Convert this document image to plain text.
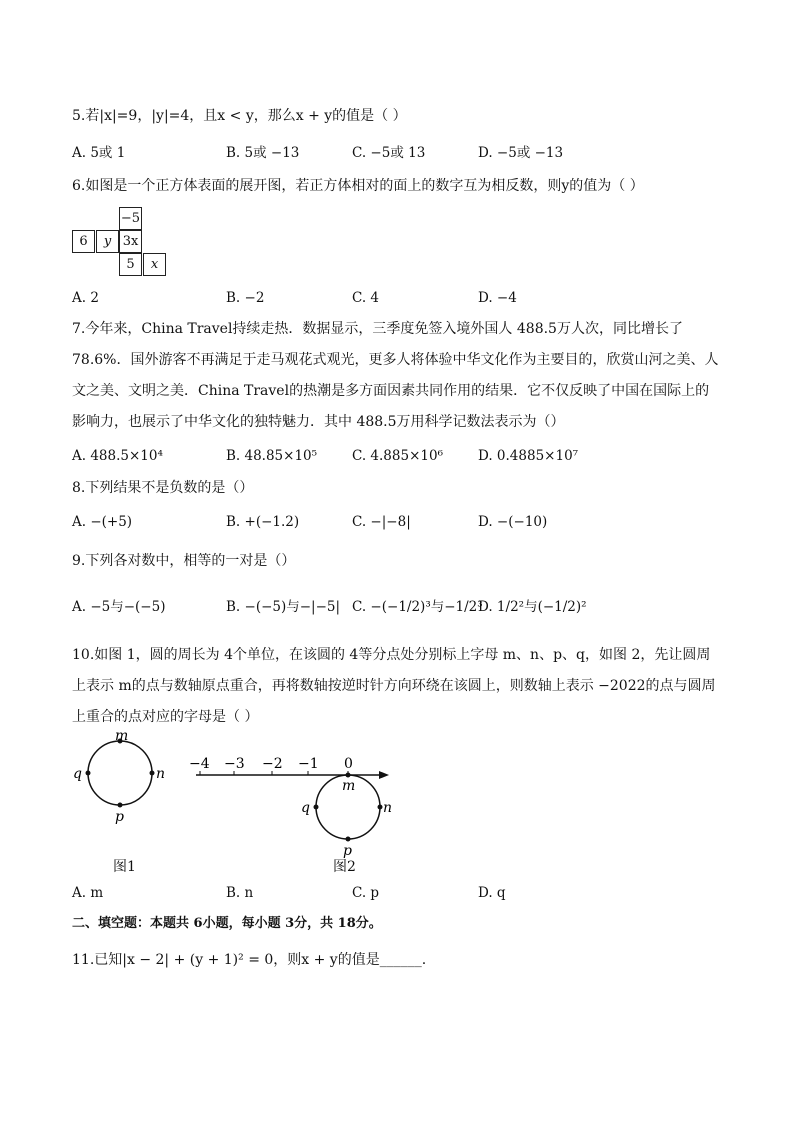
5.若|x|=9，|y|=4，且x < y，那么x + y的值是（ ）
A. 5或 1	B. 5或 −13	C. −5或 13	D. −5或 −13
6.如图是一个正方体表面的展开图，若正方体相对的面上的数字互为相反数，则y的值为（ ）
−5
6	y 3x
5	x
A. 2	B. −2	C. 4	D. −4
7.今年来，China Travel持续走热．数据显示，三季度免签入境外国人 488.5万人次，同比增长了 78.6%．国外游客不再满足于走马观花式观光，更多人将体验中华文化作为主要目的，欣赏山河之美、人文之美、文明之美．China Travel的热潮是多方面因素共同作用的结果．它不仅反映了中国在国际上的影响力，也展示了中华文化的独特魅力．其中 488.5万用科学记数法表示为（）
A. 488.5×10⁴	B. 48.85×10⁵	C. 4.885×10⁶	D. 0.4885×10⁷
8.下列结果不是负数的是（）
A. −(+5)	B. +(−1.2)	C. −|−8|	D. −(−10)
9.下列各对数中，相等的一对是（）
A. −5与−(−5)	B. −(−5)与−|−5| C. −(−1/2)³与−1/2³
D. 1/2²与(−1/2)²
10.如图 1，圆的周长为 4个单位，在该圆的 4等分点处分别标上字母 m、n、p、q，如图 2，先让圆周上表示 m的点与数轴原点重合，再将数轴按逆时针方向环绕在该圆上，则数轴上表示 −2022的点与圆周上重合的点对应的字母是（ ）
m
n
p
q
图1
−4 −3 −2 −1 0
m
n
p
q
图2
A. m	B. n	C. p	D. q
二、填空题：本题共 6小题，每小题 3分，共 18分。
11.已知|x − 2| + (y + 1)² = 0，则x + y的值是______.
